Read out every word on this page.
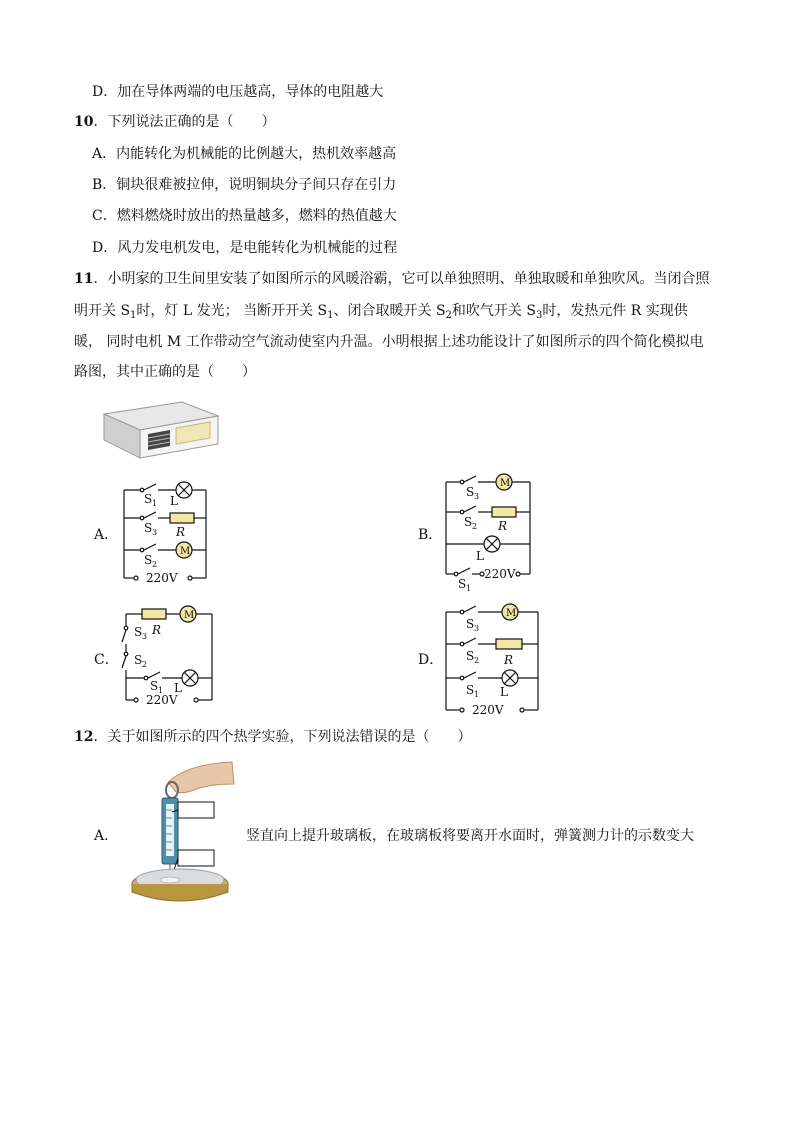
D．加在导体两端的电压越高，导体的电阻越大
10．下列说法正确的是（　　）
A．内能转化为机械能的比例越大，热机效率越高
B．铜块很难被拉伸，说明铜块分子间只存在引力
C．燃料燃烧时放出的热量越多，燃料的热值越大
D．风力发电机发电，是电能转化为机械能的过程
11．小明家的卫生间里安装了如图所示的风暖浴霸，它可以单独照明、单独取暖和单独吹风。当闭合照
明开关 $S_1$时，灯 L 发光； 当断开开关 $S_1$、闭合取暖开关 $S_2$和吹气开关 $S_3$时，发热元件 R 实现供
暖， 同时电机 M 工作带动空气流动使室内升温。小明根据上述功能设计了如图所示的四个简化模拟电
路图，其中正确的是（　　）
A．	B．
C．	D．
M
S 1 L
S 3 R
S 2
220V
M
S 3
S 2 R
L
220V
S 1
M
S 3 R
S 2
S 1 L
220V
M
S 3
S 2 R
S 1 L
220V
12．关于如图所示的四个热学实验，下列说法错误的是（　　）
A．	竖直向上提升玻璃板，在玻璃板将要离开水面时，弹簧测力计的示数变大
